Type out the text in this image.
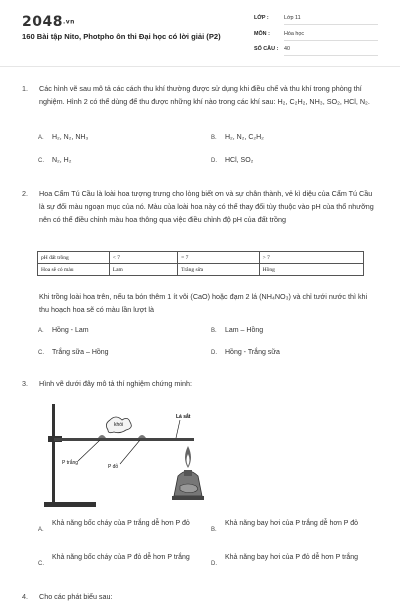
2048.vn
160 Bài tập Nito, Photpho ôn thi Đại học có lời giải (P2)
LỚP :	Lớp 11
MÔN :	Hóa học
SỐ CÂU : 40
1. Các hình vẽ sau mô tả các cách thu khí thường được sử dụng khi điều chế và thu khí trong phòng thí nghiệm. Hình 2 có thể dùng để thu được những khí nào trong các khí sau: H₂, C₂H₂, NH₃, SO₂, HCl, N₂.
A. H₂, N₂, NH₃	B. H₂, N₂, C₂H₂
C. N₂, H₂	D. HCl, SO₂
2. Hoa Cẩm Tú Cầu là loài hoa tượng trưng cho lòng biết ơn và sự chân thành, vẻ kì diệu của Cẩm Tú Cầu là sự đổi màu ngoạn mục của nó. Màu của loài hoa này có thể thay đổi tùy thuộc vào pH của thổ nhưỡng nên có thể điều chỉnh màu hoa thông qua việc điều chỉnh độ pH của đất trồng
pH đất trồng	< 7	= 7	> 7
Hoa sẽ có màu	Lam	Trắng sữa	Hồng
Khi trồng loài hoa trên, nếu ta bón thêm 1 ít vôi (CaO) hoặc đạm 2 lá (NH₄NO₃) và chỉ tưới nước thì khi thu hoạch hoa sẽ có màu lần lượt là
A. Hồng - Lam	B. Lam – Hồng
C. Trắng sữa – Hồng	D. Hồng - Trắng sữa
3. Hình vẽ dưới đây mô tả thí nghiệm chứng minh:
khói
Lá sắt
P trắng
P đỏ
A.
Khả năng bốc cháy của P trắng dễ hơn P đỏ
B.
Khả năng bay hơi của P trắng dễ hơn P đỏ
C.
Khả năng bốc cháy của P đỏ dễ hơn P trắng
D.
Khả năng bay hơi của P đỏ dễ hơn P trắng
4. Cho các phát biểu sau:
